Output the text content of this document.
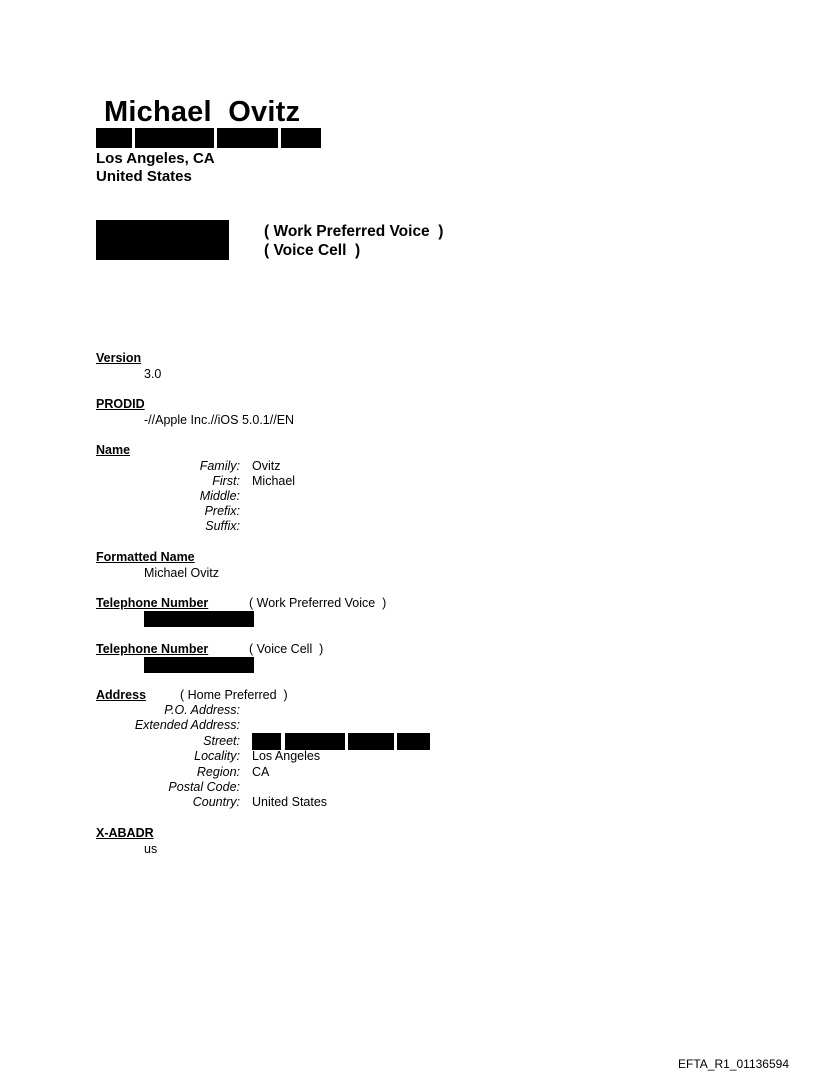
Michael  Ovitz
Los Angeles, CA
United States
( Work Preferred Voice  )
( Voice Cell  )
Version
3.0
PRODID
-//Apple Inc.//iOS 5.0.1//EN
Name
Family: Ovitz
First: Michael
Middle:
Prefix:
Suffix:
Formatted Name
Michael Ovitz
Telephone Number	( Work Preferred Voice  )
Telephone Number	( Voice Cell  )
Address	( Home Preferred  )
P.O. Address:
Extended Address:
Street:
Locality: Los Angeles
Region: CA
Postal Code:
Country: United States
X-ABADR
us
EFTA_R1_01136594
